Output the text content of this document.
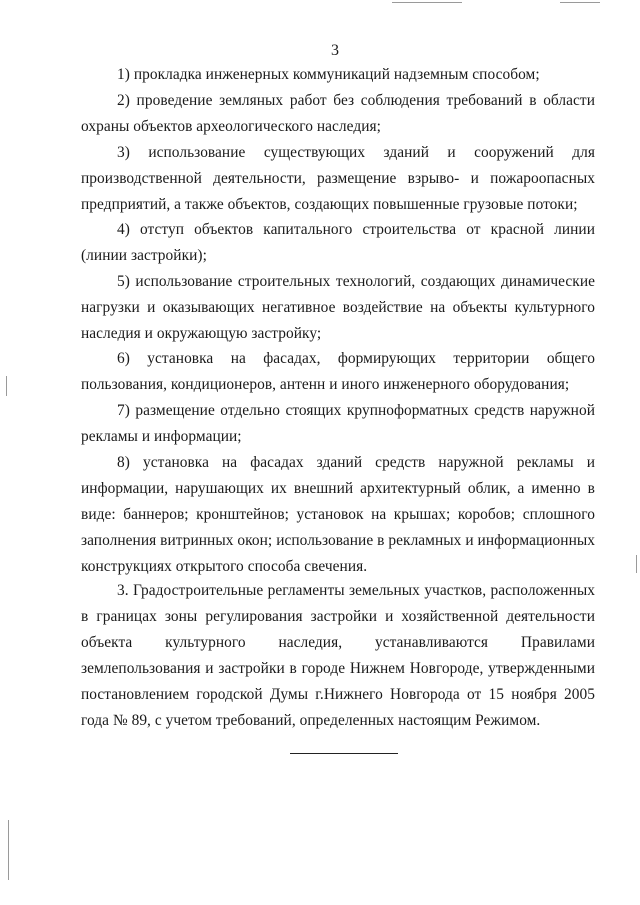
3

1) прокладка инженерных коммуникаций надземным способом;

2) проведение земляных работ без соблюдения требований в области охраны объектов археологического наследия;

3) использование существующих зданий и сооружений для производственной деятельности, размещение взрыво- и пожароопасных предприятий, а также объектов, создающих повышенные грузовые потоки;

4) отступ объектов капитального строительства от красной линии (линии застройки);

5) использование строительных технологий, создающих динамические нагрузки и оказывающих негативное воздействие на объекты культурного наследия и окружающую застройку;

6) установка на фасадах, формирующих территории общего пользования, кондиционеров, антенн и иного инженерного оборудования;

7) размещение отдельно стоящих крупноформатных средств наружной рекламы и информации;

8) установка на фасадах зданий средств наружной рекламы и информации, нарушающих их внешний архитектурный облик, а именно в виде: баннеров; кронштейнов; установок на крышах; коробов; сплошного заполнения витринных окон; использование в рекламных и информационных конструкциях открытого способа свечения.

3. Градостроительные регламенты земельных участков, расположенных в границах зоны регулирования застройки и хозяйственной деятельности объекта культурного наследия, устанавливаются Правилами землепользования и застройки в городе Нижнем Новгороде, утвержденными постановлением городской Думы г.Нижнего Новгорода от 15 ноября 2005 года № 89, с учетом требований, определенных настоящим Режимом.
